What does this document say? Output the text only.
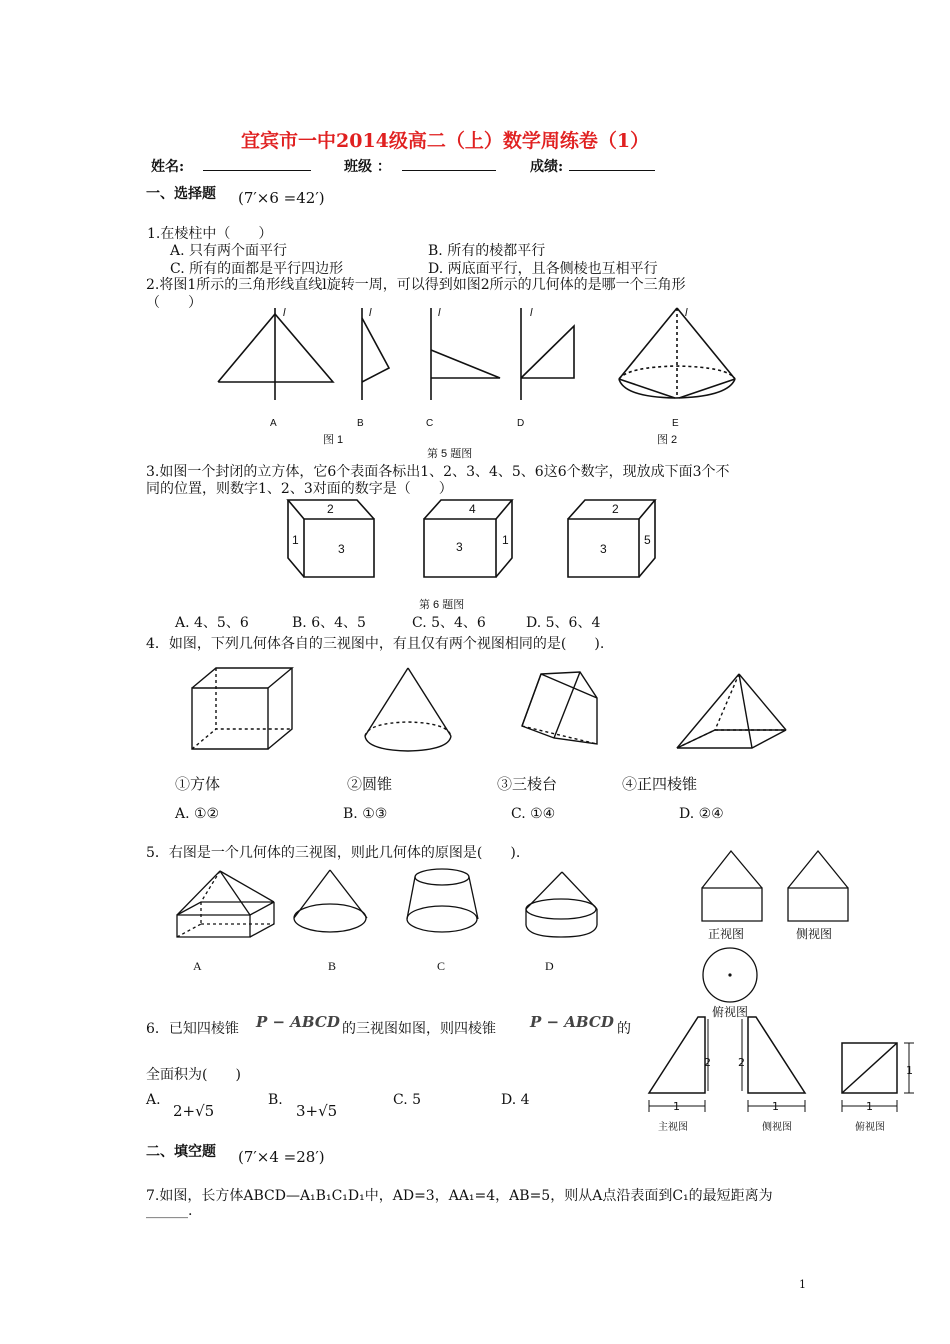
宜宾市一中2014级高二（上）数学周练卷（1）
姓名:	班级 ：	成绩:
一、选择题 (7′×6 =42′)
1.在棱柱中（　　）
A. 只有两个面平行	B. 所有的棱都平行
C. 所有的面都是平行四边形	D. 两底面平行，且各侧棱也互相平行
2.将图1所示的三角形线直线l旋转一周，可以得到如图2所示的几何体的是哪一个三角形
（　　）
l	l	l	l	l
A	B	C	D	E
图 1	图 2
第 5 题图
3.如图一个封闭的立方体，它6个表面各标出1、2、3、4、5、6这6个数字，现放成下面3个不
同的位置，则数字1、2、3对面的数字是（　　）
2
3
1
4
3	1
2
3
5
第 6 题图
A. 4、5、6	B. 6、4、5	C. 5、4、6	D. 5、6、4
4．如图，下列几何体各自的三视图中，有且仅有两个视图相同的是(　　).
①方体	②圆锥	③三棱台	④正四棱锥
A. ①②	B. ①③	C. ①④	D. ②④
5．右图是一个几何体的三视图，则此几何体的原图是(　　).
A	B	C	D
正视图	侧视图
俯视图
6．已知四棱锥 P − ABCD 的三视图如图，则四棱锥 P − ABCD 的
全面积为(　　)
A.
2+√5
B.
3+√5
C. 5	D. 4
2 2
1
1	1	1
主视图	侧视图	俯视图
二、填空题 (7′×4 =28′)
7.如图，长方体ABCD—A₁B₁C₁D₁中，AD=3，AA₁=4，AB=5，则从A点沿表面到C₁的最短距离为
______.
1
